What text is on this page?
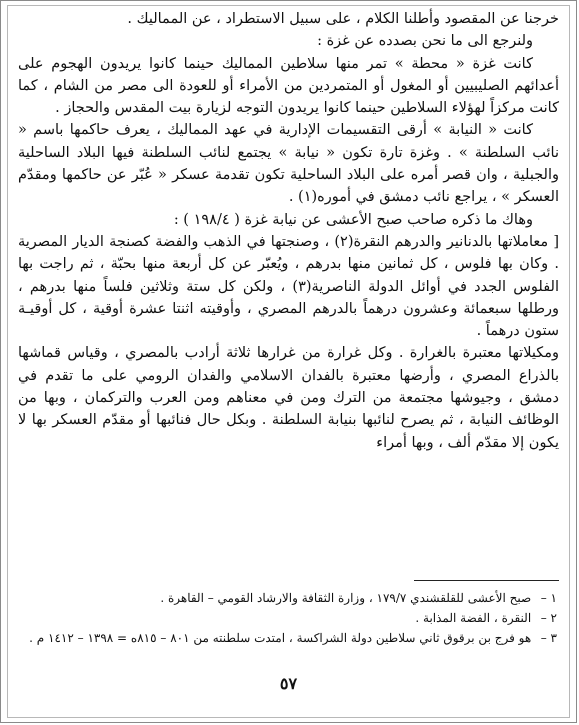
خرجنا عن المقصود وأطلنا الكلام ، على سبيل الاستطراد ، عن المماليك .

ولنرجع الى ما نحن بصدده عن غزة :

كانت غزة « محطة » تمر منها سلاطين المماليك حينما كانوا يريدون الهجوم على أعدائهم الصليبيين أو المغول أو المتمردين من الأمراء أو للعودة الى مصر من الشام ، كما كانت مركزاً لهؤلاء السلاطين حينما كانوا يريدون التوجه لزيارة بيت المقدس والحجاز .

كانت « النيابة » أرقى التقسيمات الإدارية في عهد المماليك ، يعرف حاكمها باسم « نائب السلطنة » . وغزة تارة تكون « نيابة » يجتمع لنائب السلطنة فيها البلاد الساحلية والجبلية ، وان قصر أمره على البلاد الساحلية تكون تقدمة عسكر « عُبّر عن حاكمها ومقدّم العسكر » ، يراجع نائب دمشق في أموره(١) .

وهاك ما ذكره صاحب صبح الأعشى عن نيابة غزة ( ١٩٨/٤ ) :

[ معاملاتها بالدنانير والدرهم النقرة(٢) ، وصنجتها في الذهب والفضة كصنجة الديار المصرية . وكان بها فلوس ، كل ثمانين منها بدرهم ، ويُعبّر عن كل أربعة منها بحبّة ، ثم راجت بها الفلوس الجدد في أوائل الدولة الناصرية(٣) ، ولكن كل ستة وثلاثين فلساً منها بدرهم ، ورطلها سبعمائة وعشرون درهماً بالدرهم المصري ، وأوقيته اثنتا عشرة أوقية ، كل أوقيـة ستون درهماً .

ومكيلاتها معتبرة بالغرارة . وكل غرارة من غرارها ثلاثة أرادب بالمصري ، وقياس قماشها بالذراع المصري ، وأرضها معتبرة بالفدان الاسلامي والفدان الرومي على ما تقدم في دمشق ، وجيوشها مجتمعة من الترك ومن في معناهم ومن العرب والتركمان ، وبها من الوظائف النيابة ، ثم يصرح لنائبها بنيابة السلطنة . وبكل حال فنائبها أو مقدّم العسكر بها لا يكون إلا مقدّم ألف ، وبها أمراء

١ – صبح الأعشى للقلقشندي ١٧٩/٧ ، وزارة الثقافة والارشاد القومي – القاهرة .

٢ – النقرة ، الفضة المذابة .

٣ – هو فرج بن برقوق ثاني سلاطين دولة الشراكسة ، امتدت سلطنته من ٨٠١ – ٨١٥ه = ١٣٩٨ – ١٤١٢ م .

٥٧
